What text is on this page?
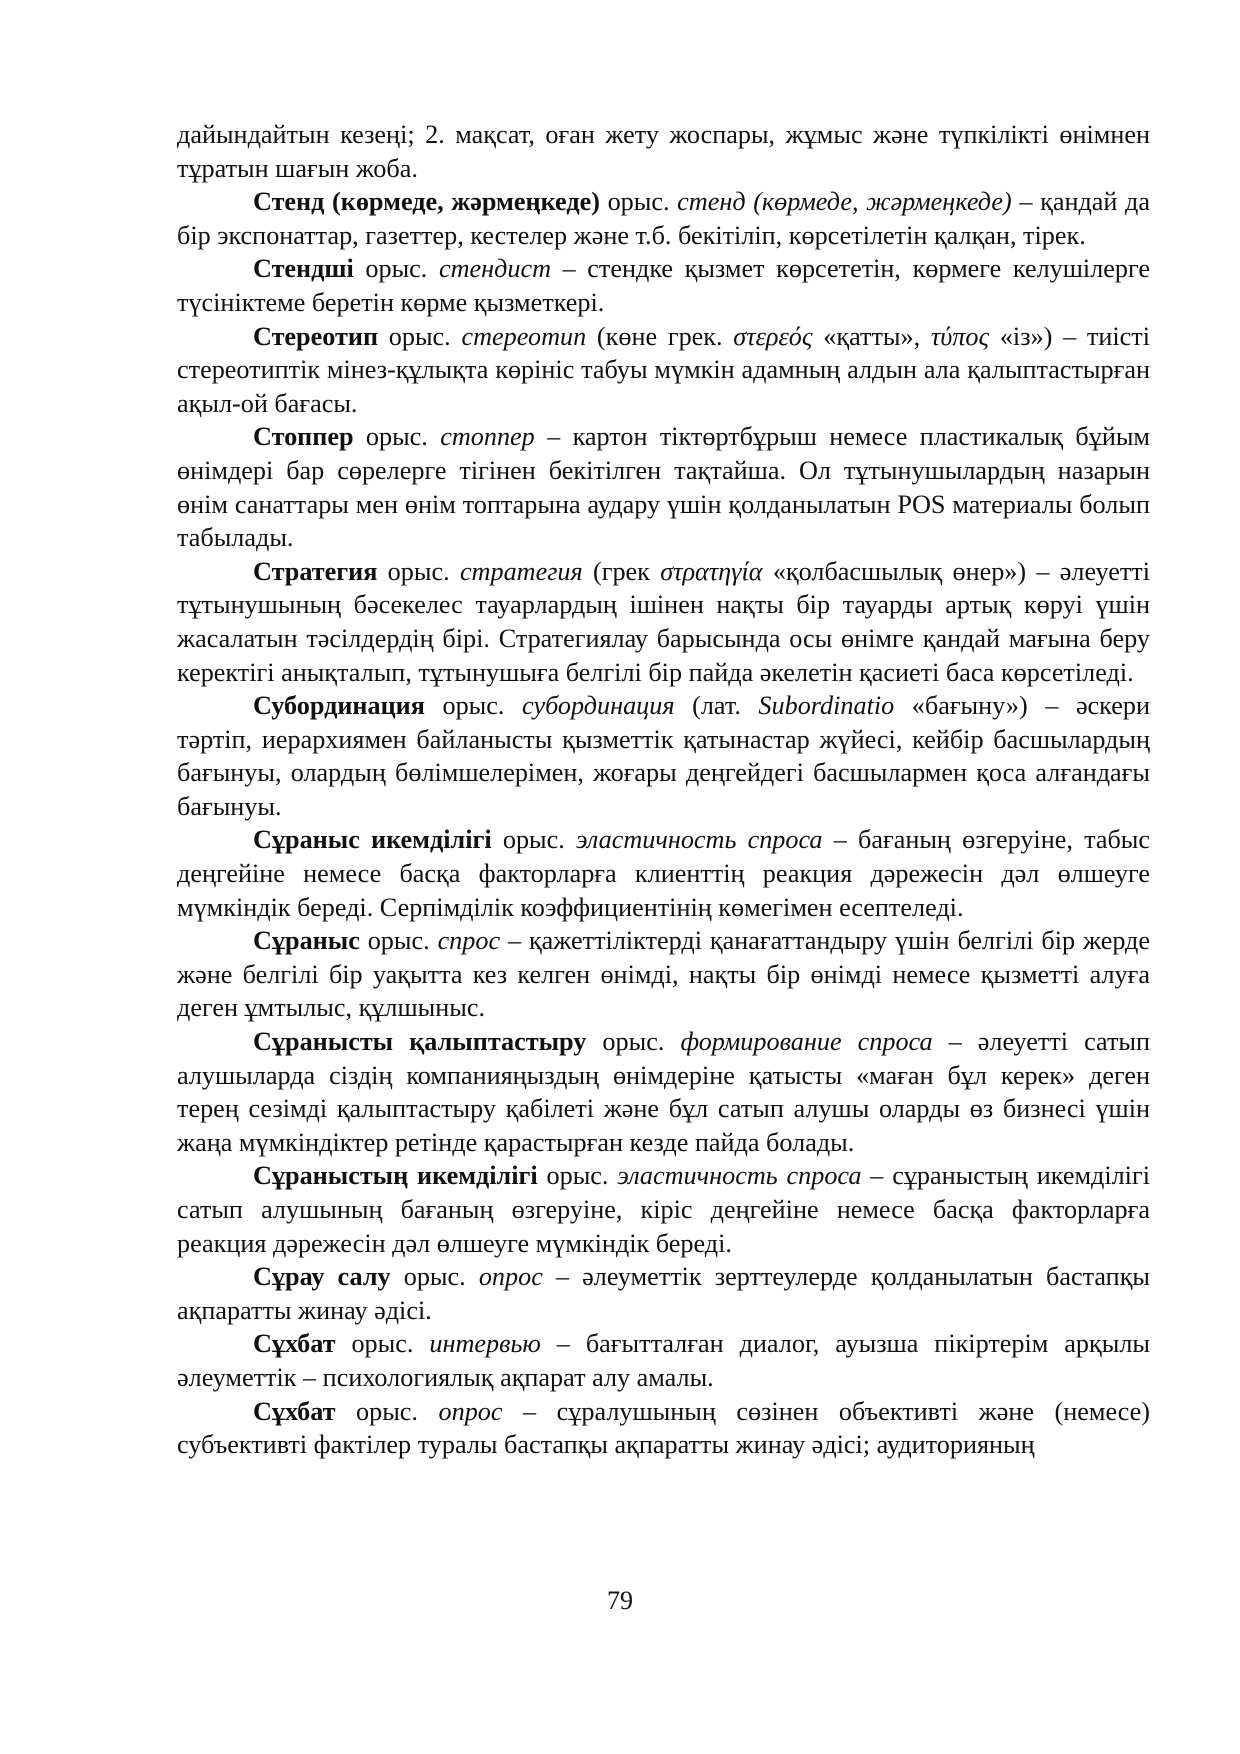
дайындайтын кезеңі; 2. мақсат, оған жету жоспары, жұмыс және түпкілікті өнімнен тұратын шағын жоба.

Стенд (көрмеде, жәрмеңкеде) орыс. стенд (көрмеде, жәрмеңкеде) – қандай да бір экспонаттар, газеттер, кестелер және т.б. бекітіліп, көрсетілетін қалқан, тірек.

Стендші орыс. стендист – стендке қызмет көрсететін, көрмеге келушілерге түсініктеме беретін көрме қызметкері.

Стереотип орыс. стереотип (көне грек. στερεός «қатты», τύπος «із») – тиісті стереотиптік мінез-құлықта көрініс табуы мүмкін адамның алдын ала қалыптастырған ақыл-ой бағасы.

Стоппер орыс. стоппер – картон тіктөртбұрыш немесе пластикалық бұйым өнімдері бар сөрелерге тігінен бекітілген тақтайша. Ол тұтынушылардың назарын өнім санаттары мен өнім топтарына аудару үшін қолданылатын POS материалы болып табылады.

Стратегия орыс. стратегия (грек στρατηγία «қолбасшылық өнер») – әлеуетті тұтынушының бәсекелес тауарлардың ішінен нақты бір тауарды артық көруі үшін жасалатын тәсілдердің бірі. Стратегиялау барысында осы өнімге қандай мағына беру керектігі анықталып, тұтынушыға белгілі бір пайда әкелетін қасиеті баса көрсетіледі.

Субординация орыс. субординация (лат. Subordinatio «бағыну») – әскери тәртіп, иерархиямен байланысты қызметтік қатынастар жүйесі, кейбір басшылардың бағынуы, олардың бөлімшелерімен, жоғары деңгейдегі басшылармен қоса алғандағы бағынуы.

Сұраныс икемділігі орыс. эластичность спроса – бағаның өзгеруіне, табыс деңгейіне немесе басқа факторларға клиенттің реакция дәрежесін дәл өлшеуге мүмкіндік береді. Серпімділік коэффициентінің көмегімен есептеледі.

Сұраныс орыс. спрос – қажеттіліктерді қанағаттандыру үшін белгілі бір жерде және белгілі бір уақытта кез келген өнімді, нақты бір өнімді немесе қызметті алуға деген ұмтылыс, құлшыныс.

Сұранысты қалыптастыру орыс. формирование спроса – әлеуетті сатып алушыларда сіздің компанияңыздың өнімдеріне қатысты «маған бұл керек» деген терең сезімді қалыптастыру қабілеті және бұл сатып алушы оларды өз бизнесі үшін жаңа мүмкіндіктер ретінде қарастырған кезде пайда болады.

Сұраныстың икемділігі орыс. эластичность спроса – сұраныстың икемділігі сатып алушының бағаның өзгеруіне, кіріс деңгейіне немесе басқа факторларға реакция дәрежесін дәл өлшеуге мүмкіндік береді.

Сұрау салу орыс. опрос – әлеуметтік зерттеулерде қолданылатын бастапқы ақпаратты жинау әдісі.

Сұхбат орыс. интервью – бағытталған диалог, ауызша пікіртерім арқылы әлеуметтік – психологиялық ақпарат алу амалы.

Сұхбат орыс. опрос – сұралушының сөзінен объективті және (немесе) субъективті фактілер туралы бастапқы ақпаратты жинау әдісі; аудиторияның

79
